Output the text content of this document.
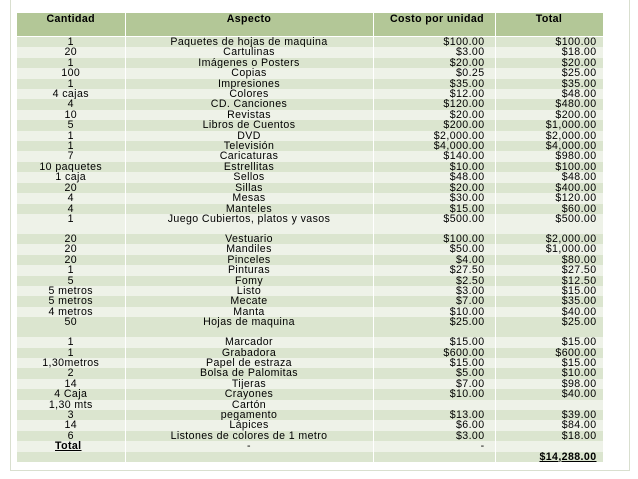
Cantidad	Aspecto	Costo por unidad	Total
1	Paquetes de hojas de maquina	$100.00	$100.00
20	Cartulinas	$3.00	$18.00
1	Imágenes o Posters	$20.00	$20.00
100	Copias	$0.25	$25.00
1	Impresiones	$35.00	$35.00
4 cajas	Colores	$12.00	$48.00
4	CD. Canciones	$120.00	$480.00
10	Revistas	$20.00	$200.00
5	Libros de Cuentos	$200.00	$1,000.00
1	DVD	$2,000.00	$2,000.00
1	Televisión	$4,000.00	$4,000.00
7	Caricaturas	$140.00	$980.00
10 paquetes	Estrellitas	$10.00	$100.00
1 caja	Sellos	$48.00	$48.00
20	Sillas	$20.00	$400.00
4	Mesas	$30.00	$120.00
4	Manteles	$15.00	$60.00
1	Juego Cubiertos, platos y vasos	$500.00	$500.00
20	Vestuario	$100.00	$2,000.00
20	Mandiles	$50.00	$1,000.00
20	Pinceles	$4.00	$80.00
1	Pinturas	$27.50	$27.50
5	Fomy	$2.50	$12.50
5 metros	Listo	$3.00	$15.00
5 metros	Mecate	$7.00	$35.00
4 metros	Manta	$10.00	$40.00
50	Hojas de maquina	$25.00	$25.00
1	Marcador	$15.00	$15.00
1	Grabadora	$600.00	$600.00
1,30metros	Papel de estraza	$15.00	$15.00
2	Bolsa de Palomitas	$5.00	$10.00
14	Tijeras	$7.00	$98.00
4 Caja	Crayones	$10.00	$40.00
1,30 mts	Cartón		
3	pegamento	$13.00	$39.00
14	Lápices	$6.00	$84.00
6	Listones de colores de 1 metro	$3.00	$18.00
Total	-	-	
			$14,288.00
